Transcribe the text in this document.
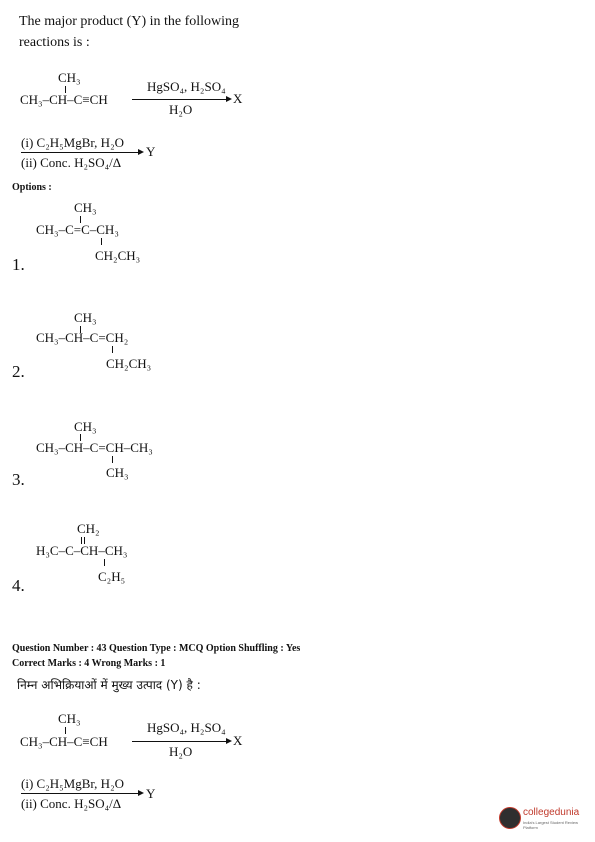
The major product (Y) in the following
reactions is :
CH₃
CH₃–CH–C≡CH
HgSO₄, H₂SO₄
X
H₂O
(i) C₂H₅MgBr, H₂O
Y
(ii) Conc. H₂SO₄/Δ
Options :
CH₃
CH₃–C=C–CH₃
CH₂CH₃
1.
CH₃
CH₃–CH–C=CH₂
CH₂CH₃
2.
CH₃
CH₃–CH–C=CH–CH₃
CH₃
3.
CH₂
H₃C–C–CH–CH₃
C₂H₅
4.
Question Number : 43 Question Type : MCQ Option Shuffling : Yes
Correct Marks : 4 Wrong Marks : 1
निम्न अभिक्रियाओं में मुख्य उत्पाद (Y) है :
CH₃
CH₃–CH–C≡CH
HgSO₄, H₂SO₄
X
H₂O
(i) C₂H₅MgBr, H₂O
Y
(ii) Conc. H₂SO₄/Δ
collegedunia
India's Largest Student Review Platform
